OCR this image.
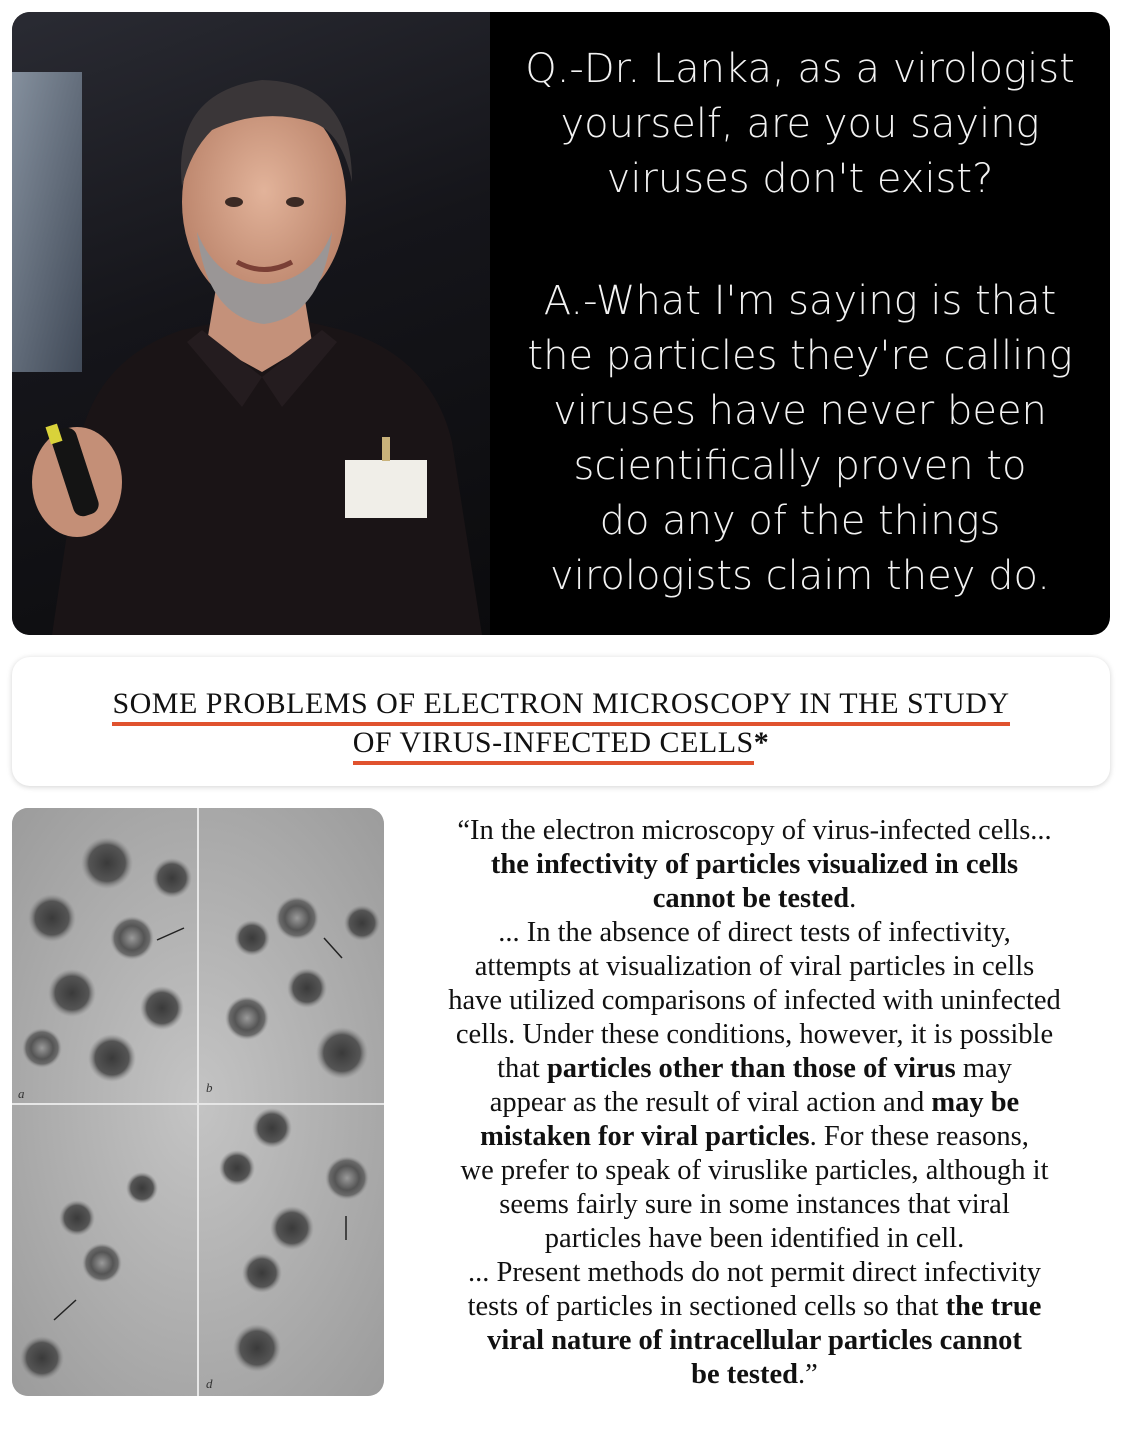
Q.-Dr. Lanka, as a virologist
yourself, are you saying
viruses don't exist?
A.-What I'm saying is that
the particles they're calling
viruses have never been
scientifically proven to
do any of the things
virologists claim they do.
SOME PROBLEMS OF ELECTRON MICROSCOPY IN THE STUDY
OF VIRUS-INFECTED CELLS*
a	b
d
“In the electron microscopy of virus-infected cells...
the infectivity of particles visualized in cells
cannot be tested.
... In the absence of direct tests of infectivity,
attempts at visualization of viral particles in cells
have utilized comparisons of infected with uninfected
cells. Under these conditions, however, it is possible
that particles other than those of virus may
appear as the result of viral action and may be
mistaken for viral particles. For these reasons,
we prefer to speak of viruslike particles, although it
seems fairly sure in some instances that viral
particles have been identified in cell.
... Present methods do not permit direct infectivity
tests of particles in sectioned cells so that the true
viral nature of intracellular particles cannot
be tested.”
